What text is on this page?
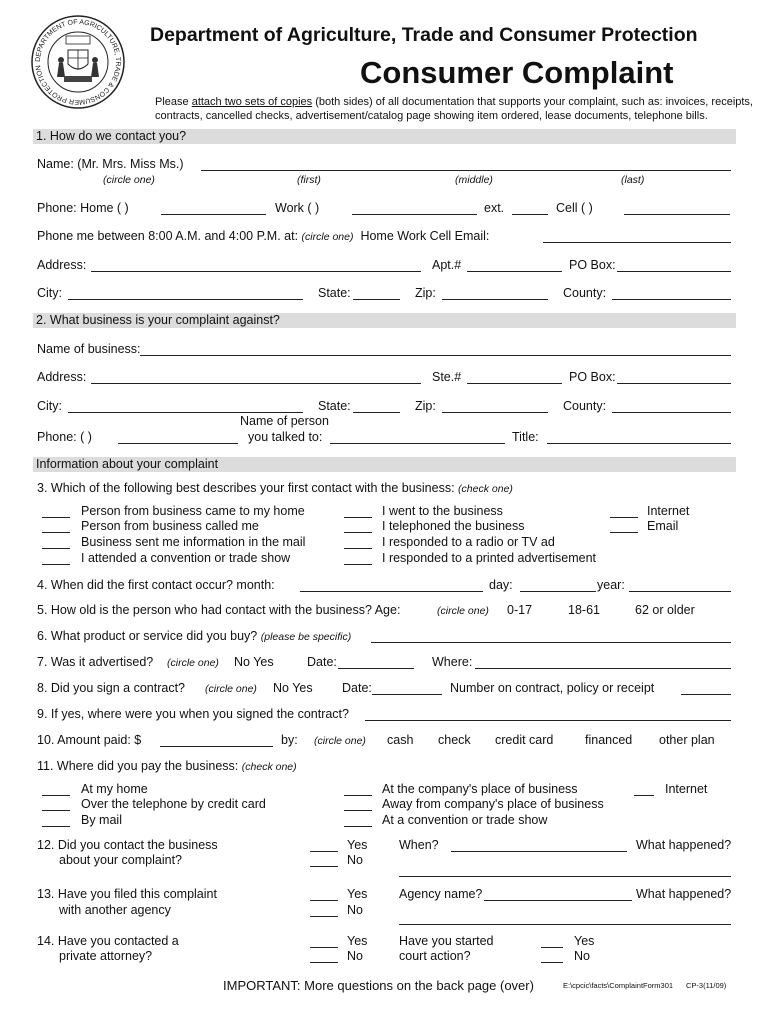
DEPARTMENT OF AGRICULTURE, TRADE & CONSUMER PROTECTION
Department of Agriculture, Trade and Consumer Protection
Consumer Complaint
Please attach two sets of copies (both sides) of all documentation that supports your complaint, such as: invoices, receipts,
contracts, cancelled checks, advertisement/catalog page showing item ordered, lease documents, telephone bills.
1. How do we contact you?
Name: (Mr. Mrs. Miss Ms.)
(circle one)	(first)	(middle)	(last)
Phone: Home ( )	Work ( )	ext.	Cell ( )
Phone me between 8:00 A.M. and 4:00 P.M. at: (circle one) Home Work Cell Email:
Address:	Apt.#	PO Box:
City:	State:	Zip:	County:
2. What business is your complaint against?
Name of business:
Address:	Ste.#	PO Box:
City:	State:	Zip:	County:
Name of person
Phone: ( )	you talked to:	Title:
Information about your complaint
3. Which of the following best describes your first contact with the business: (check one)
Person from business came to my home
Person from business called me
Business sent me information in the mail
I attended a convention or trade show
I went to the business
I telephoned the business
I responded to a radio or TV ad
I responded to a printed advertisement
Internet
Email
4. When did the first contact occur? month:	day:	year:
5. How old is the person who had contact with the business? Age:	(circle one) 0-17	18-61	62 or older
6. What product or service did you buy? (please be specific)
7. Was it advertised? (circle one) No Yes	Date:	Where:
8. Did you sign a contract? (circle one) No Yes Date:	Number on contract, policy or receipt
9. If yes, where were you when you signed the contract?
10. Amount paid: $	by: (circle one) cash check credit card	financed other plan
11. Where did you pay the business: (check one)
At my home
Over the telephone by credit card
By mail
At the company's place of business
Away from company's place of business
At a convention or trade show
Internet
12. Did you contact the business
about your complaint?
Yes
No
When?	What happened?
13. Have you filed this complaint
with another agency
Yes
No
Agency name?	What happened?
14. Have you contacted a
private attorney?
Yes
No
Have you started
court action?
Yes
No
IMPORTANT: More questions on the back page (over)	E:\cpcic\facts\ComplaintForm301 CP-3(11/09)
